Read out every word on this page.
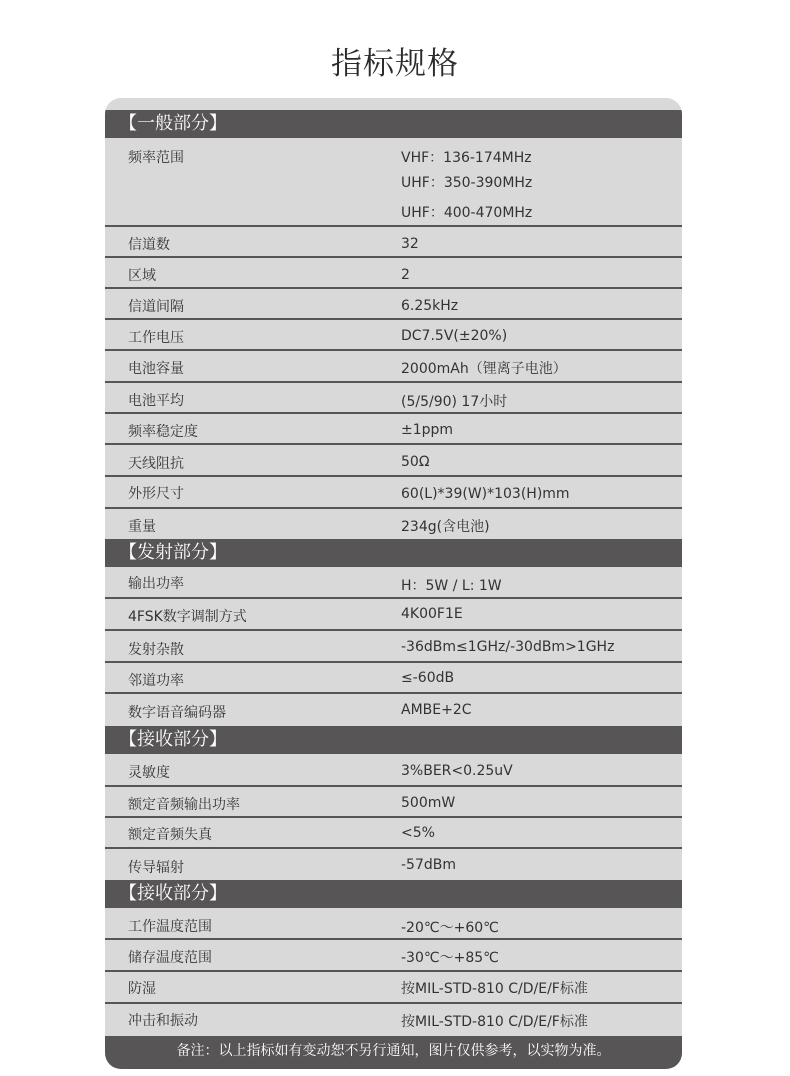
指标规格
【一般部分】
频率范围	VHF：136-174MHz
UHF：350-390MHz
UHF：400-470MHz
信道数	32
区域	2
信道间隔	6.25kHz
工作电压	DC7.5V(±20%)
电池容量	2000mAh（锂离子电池）
电池平均	(5/5/90) 17小时
频率稳定度	±1ppm
天线阻抗	50Ω
外形尺寸	60(L)*39(W)*103(H)mm
重量	234g(含电池)
【发射部分】
输出功率	H：5W / L: 1W
4FSK数字调制方式	4K00F1E
发射杂散	-36dBm≤1GHz/-30dBm>1GHz
邻道功率	≤-60dB
数字语音编码器	AMBE+2C
【接收部分】
灵敏度	3%BER<0.25uV
额定音频输出功率	500mW
额定音频失真	<5%
传导辐射	-57dBm
【接收部分】
工作温度范围	-20℃～+60℃
储存温度范围	-30℃～+85℃
防湿	按MIL-STD-810 C/D/E/F标准
冲击和振动	按MIL-STD-810 C/D/E/F标准
备注：以上指标如有变动恕不另行通知，图片仅供参考，以实物为准。
